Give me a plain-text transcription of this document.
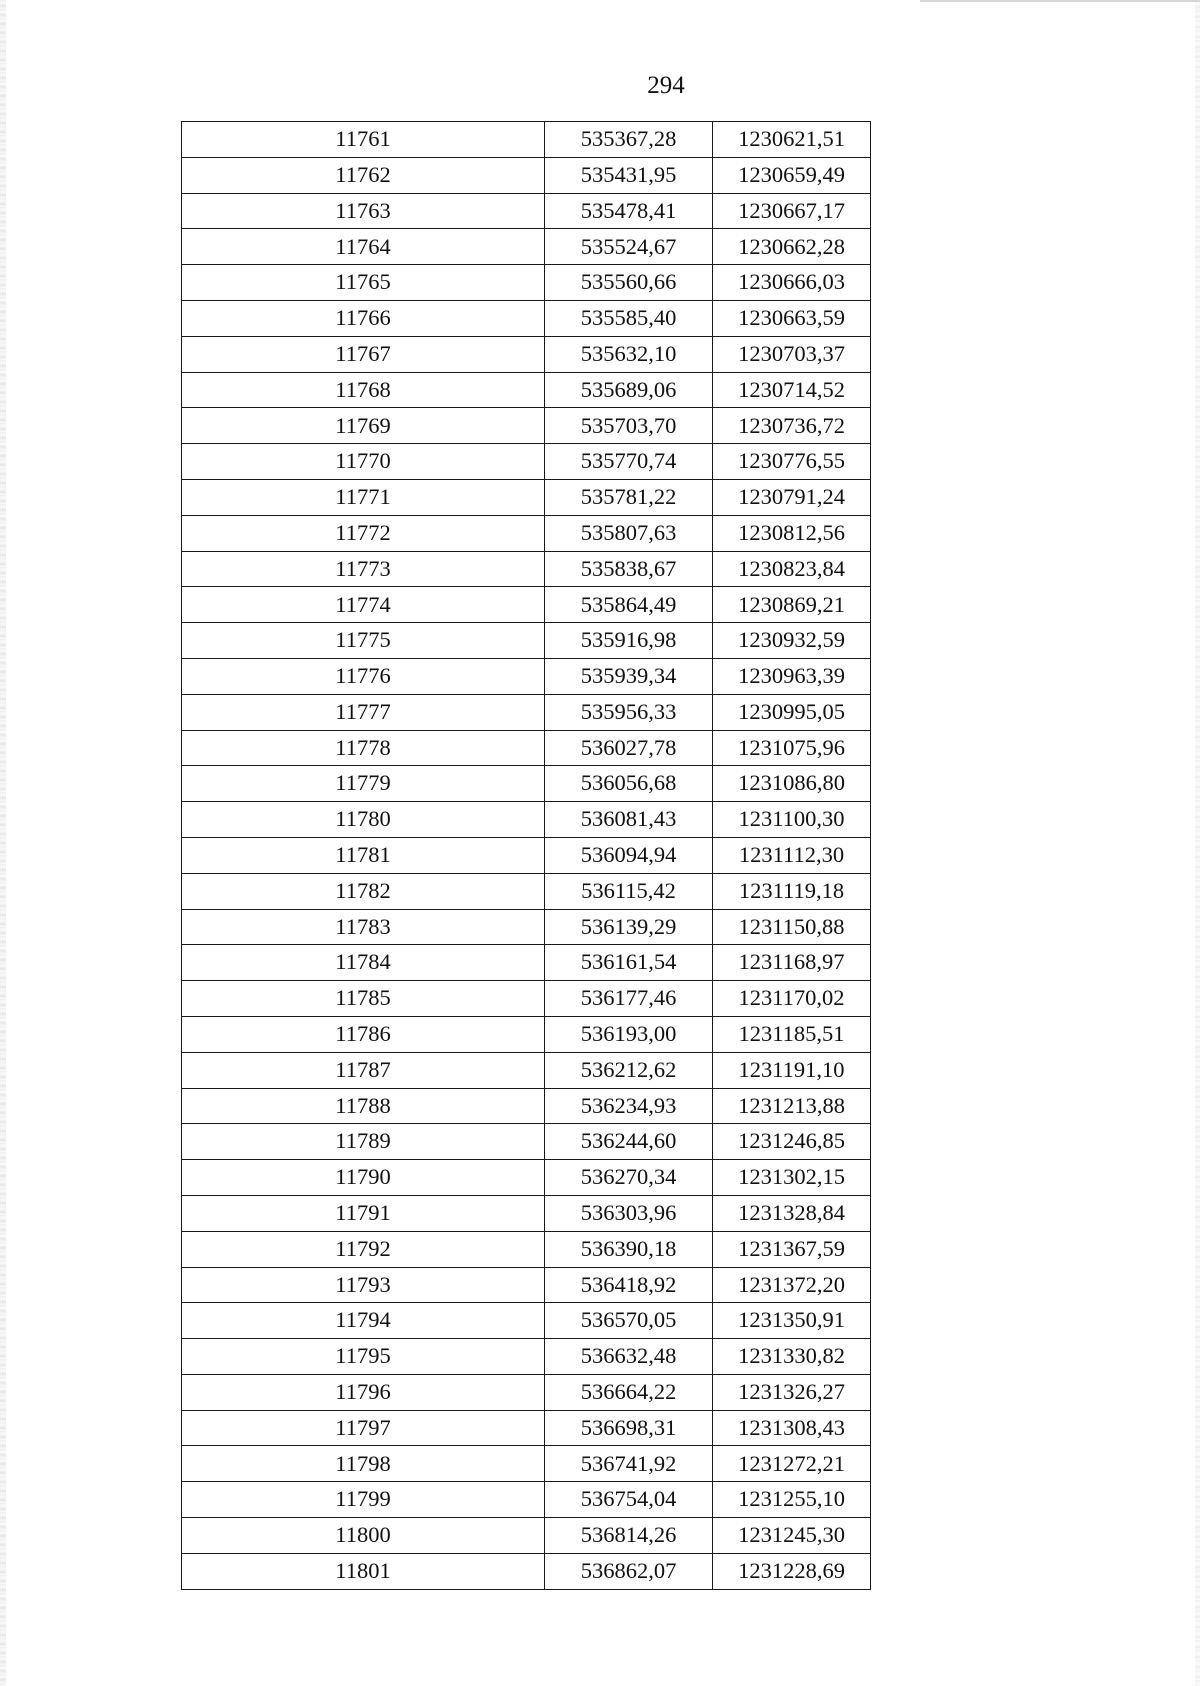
294
11761	535367,28	1230621,51
11762	535431,95	1230659,49
11763	535478,41	1230667,17
11764	535524,67	1230662,28
11765	535560,66	1230666,03
11766	535585,40	1230663,59
11767	535632,10	1230703,37
11768	535689,06	1230714,52
11769	535703,70	1230736,72
11770	535770,74	1230776,55
11771	535781,22	1230791,24
11772	535807,63	1230812,56
11773	535838,67	1230823,84
11774	535864,49	1230869,21
11775	535916,98	1230932,59
11776	535939,34	1230963,39
11777	535956,33	1230995,05
11778	536027,78	1231075,96
11779	536056,68	1231086,80
11780	536081,43	1231100,30
11781	536094,94	1231112,30
11782	536115,42	1231119,18
11783	536139,29	1231150,88
11784	536161,54	1231168,97
11785	536177,46	1231170,02
11786	536193,00	1231185,51
11787	536212,62	1231191,10
11788	536234,93	1231213,88
11789	536244,60	1231246,85
11790	536270,34	1231302,15
11791	536303,96	1231328,84
11792	536390,18	1231367,59
11793	536418,92	1231372,20
11794	536570,05	1231350,91
11795	536632,48	1231330,82
11796	536664,22	1231326,27
11797	536698,31	1231308,43
11798	536741,92	1231272,21
11799	536754,04	1231255,10
11800	536814,26	1231245,30
11801	536862,07	1231228,69
